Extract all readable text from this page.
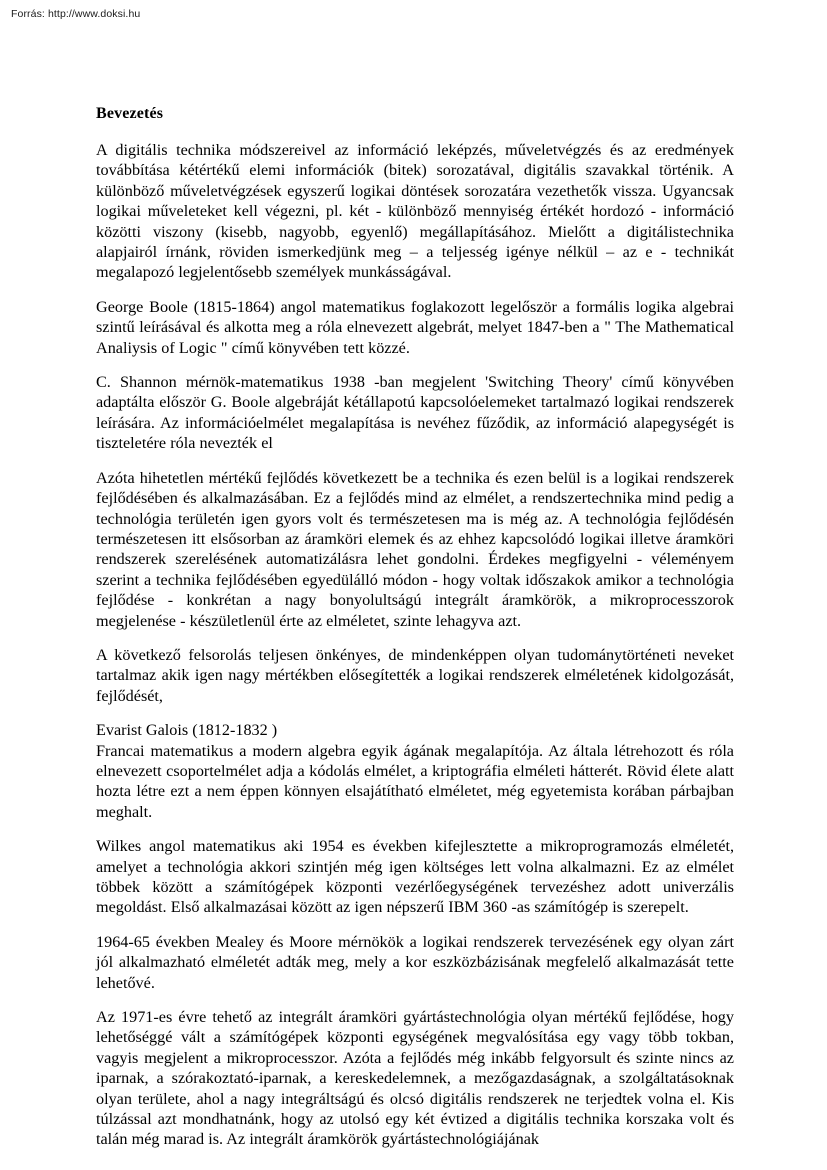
Forrás: http://www.doksi.hu
Bevezetés

A digitális technika módszereivel az információ leképzés, műveletvégzés és az eredmények továbbítása kétértékű elemi információk (bitek) sorozatával, digitális szavakkal történik. A különböző műveletvégzések egyszerű logikai döntések sorozatára vezethetők vissza. Ugyancsak logikai műveleteket kell végezni, pl. két - különböző mennyiség értékét hordozó - információ közötti viszony (kisebb, nagyobb, egyenlő) megállapításához. Mielőtt a digitálistechnika alapjairól írnánk, röviden ismerkedjünk meg – a teljesség igénye nélkül – az e - technikát megalapozó legjelentősebb személyek munkásságával.

George Boole (1815-1864) angol matematikus foglakozott legelőször a formális logika algebrai szintű leírásával és alkotta meg a róla elnevezett algebrát, melyet 1847-ben a " The Mathematical Analiysis of Logic " című könyvében tett közzé.

C. Shannon mérnök-matematikus 1938 -ban megjelent 'Switching Theory' című könyvében adaptálta először G. Boole algebráját kétállapotú kapcsolóelemeket tartalmazó logikai rendszerek leírására. Az információelmélet megalapítása is nevéhez fűződik, az információ alapegységét is tiszteletére róla nevezték el

Azóta hihetetlen mértékű fejlődés következett be a technika és ezen belül is a logikai rendszerek fejlődésében és alkalmazásában. Ez a fejlődés mind az elmélet, a rendszertechnika mind pedig a technológia területén igen gyors volt és természetesen ma is még az. A technológia fejlődésén természetesen itt elsősorban az áramköri elemek és az ehhez kapcsolódó logikai illetve áramköri rendszerek szerelésének automatizálásra lehet gondolni. Érdekes megfigyelni - véleményem szerint a technika fejlődésében egyedülálló módon - hogy voltak időszakok amikor a technológia fejlődése - konkrétan a nagy bonyolultságú integrált áramkörök, a mikroprocesszorok megjelenése - készületlenül érte az elméletet, szinte lehagyva azt.

A következő felsorolás teljesen önkényes, de mindenképpen olyan tudománytörténeti neveket tartalmaz akik igen nagy mértékben elősegítették a logikai rendszerek elméletének kidolgozását, fejlődését,

Evarist Galois (1812-1832 )

Francai matematikus a modern algebra egyik ágának megalapítója. Az általa létrehozott és róla elnevezett csoportelmélet adja a kódolás elmélet, a kriptográfia elméleti hátterét. Rövid élete alatt hozta létre ezt a nem éppen könnyen elsajátítható elméletet, még egyetemista korában párbajban meghalt.

Wilkes angol matematikus aki 1954 es években kifejlesztette a mikroprogramozás elméletét, amelyet a technológia akkori szintjén még igen költséges lett volna alkalmazni. Ez az elmélet többek között a számítógépek központi vezérlőegységének tervezéshez adott univerzális megoldást. Első alkalmazásai között az igen népszerű IBM 360 -as számítógép is szerepelt.

1964-65 években Mealey és Moore mérnökök a logikai rendszerek tervezésének egy olyan zárt jól alkalmazható elméletét adták meg, mely a kor eszközbázisának megfelelő alkalmazását tette lehetővé.

Az 1971-es évre tehető az integrált áramköri gyártástechnológia olyan mértékű fejlődése, hogy lehetőséggé vált a számítógépek központi egységének megvalósítása egy vagy több tokban, vagyis megjelent a mikroprocesszor. Azóta a fejlődés még inkább felgyorsult és szinte nincs az iparnak, a szórakoztató-iparnak, a kereskedelemnek, a mezőgazdaságnak, a szolgáltatásoknak olyan területe, ahol a nagy integráltságú és olcsó digitális rendszerek ne terjedtek volna el. Kis túlzással azt mondhatnánk, hogy az utolsó egy két évtized a digitális technika korszaka volt és talán még marad is. Az integrált áramkörök gyártástechnológiájának
